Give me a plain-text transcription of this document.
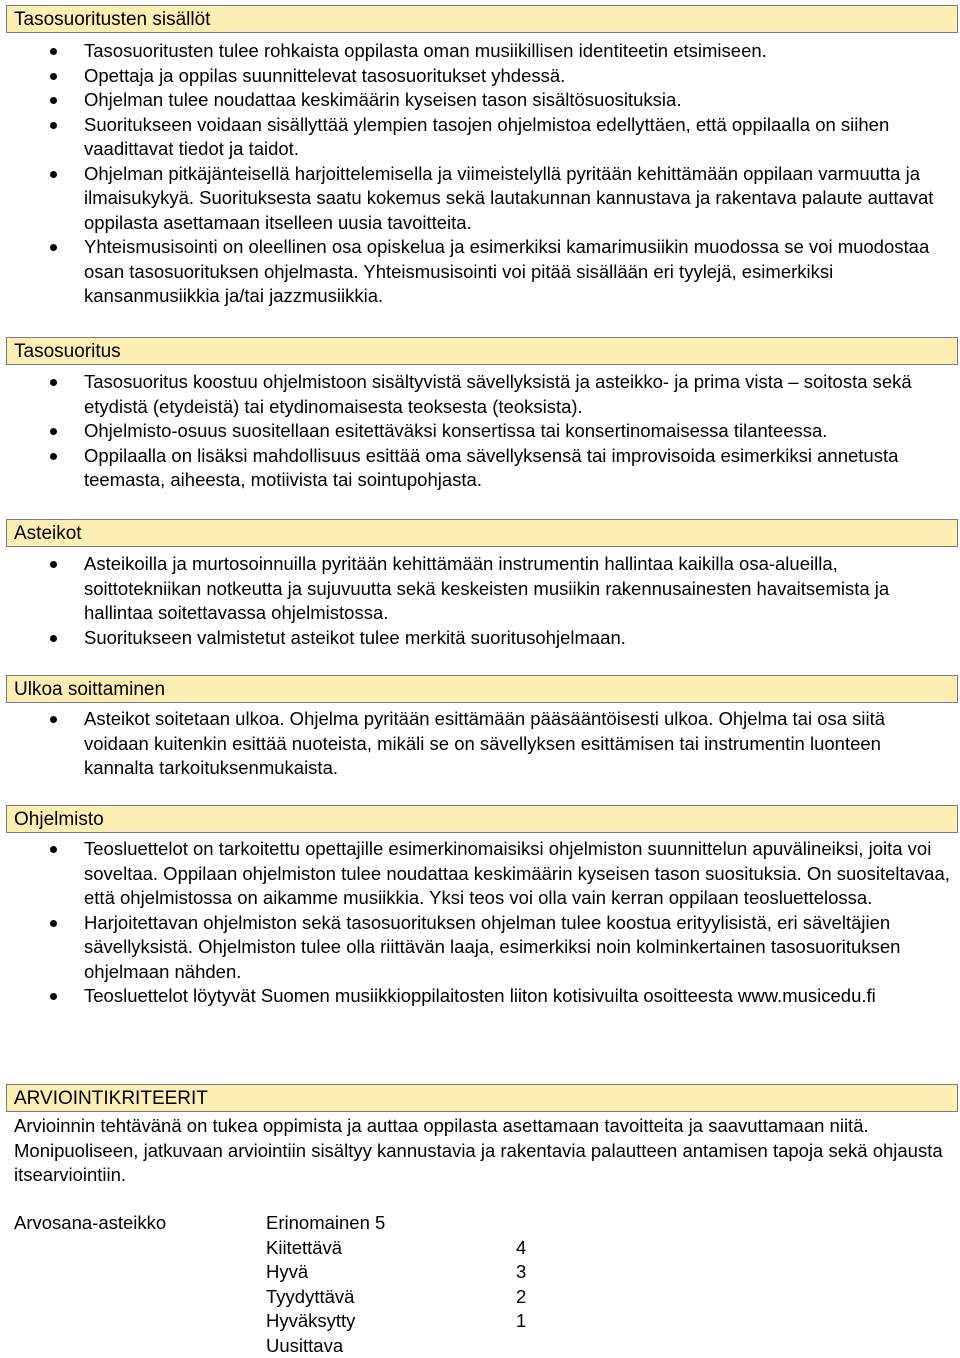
Tasosuoritusten sisällöt
Tasosuoritusten tulee rohkaista oppilasta oman musiikillisen identiteetin etsimiseen.
Opettaja ja oppilas suunnittelevat tasosuoritukset yhdessä.
Ohjelman tulee noudattaa keskimäärin kyseisen tason sisältösuosituksia.
Suoritukseen voidaan sisällyttää ylempien tasojen ohjelmistoa edellyttäen, että oppilaalla on siihen vaadittavat tiedot ja taidot.
Ohjelman pitkäjänteisellä harjoittelemisella ja viimeistelyllä pyritään kehittämään oppilaan varmuutta ja ilmaisukykyä. Suorituksesta saatu kokemus sekä lautakunnan kannustava ja rakentava palaute auttavat oppilasta asettamaan itselleen uusia tavoitteita.
Yhteismusisointi on oleellinen osa opiskelua ja esimerkiksi kamarimusiikin muodossa se voi muodostaa osan tasosuorituksen ohjelmasta. Yhteismusisointi voi pitää sisällään eri tyylejä, esimerkiksi kansanmusiikkia ja/tai jazzmusiikkia.
Tasosuoritus
Tasosuoritus koostuu ohjelmistoon sisältyvistä sävellyksistä ja asteikko- ja prima vista – soitosta sekä etydistä (etydeistä) tai etydinomaisesta teoksesta (teoksista).
Ohjelmisto-osuus suositellaan esitettäväksi konsertissa tai konsertinomaisessa tilanteessa.
Oppilaalla on lisäksi mahdollisuus esittää oma sävellyksensä tai improvisoida esimerkiksi annetusta teemasta, aiheesta, motiivista tai sointupohjasta.
Asteikot
Asteikoilla ja murtosoinnuilla pyritään kehittämään instrumentin hallintaa kaikilla osa-alueilla, soittotekniikan notkeutta ja sujuvuutta sekä keskeisten musiikin rakennusainesten havaitsemista ja hallintaa soitettavassa ohjelmistossa.
Suoritukseen valmistetut asteikot tulee merkitä suoritusohjelmaan.
Ulkoa soittaminen
Asteikot soitetaan ulkoa. Ohjelma pyritään esittämään pääsääntöisesti ulkoa. Ohjelma tai osa siitä voidaan kuitenkin esittää nuoteista, mikäli se on sävellyksen esittämisen tai instrumentin luonteen kannalta tarkoituksenmukaista.
Ohjelmisto
Teosluettelot on tarkoitettu opettajille esimerkinomaisiksi ohjelmiston suunnittelun apuvälineiksi, joita voi soveltaa. Oppilaan ohjelmiston tulee noudattaa keskimäärin kyseisen tason suosituksia. On suositeltavaa, että ohjelmistossa on aikamme musiikkia. Yksi teos voi olla vain kerran oppilaan teosluettelossa.
Harjoitettavan ohjelmiston sekä tasosuorituksen ohjelman tulee koostua erityylisistä, eri säveltäjien sävellyksistä. Ohjelmiston tulee olla riittävän laaja, esimerkiksi noin kolminkertainen tasosuorituksen ohjelmaan nähden.
Teosluettelot löytyvät Suomen musiikkioppilaitosten liiton kotisivuilta osoitteesta www.musicedu.fi
ARVIOINTIKRITEERIT
Arvioinnin tehtävänä on tukea oppimista ja auttaa oppilasta asettamaan tavoitteita ja saavuttamaan niitä. Monipuoliseen, jatkuvaan arviointiin sisältyy kannustavia ja rakentavia palautteen antamisen tapoja sekä ohjausta itsearviointiin.
Arvosana-asteikko	Erinomainen 5
Kiitettävä	4
Hyvä	3
Tyydyttävä	2
Hyväksytty	1
Uusittava
